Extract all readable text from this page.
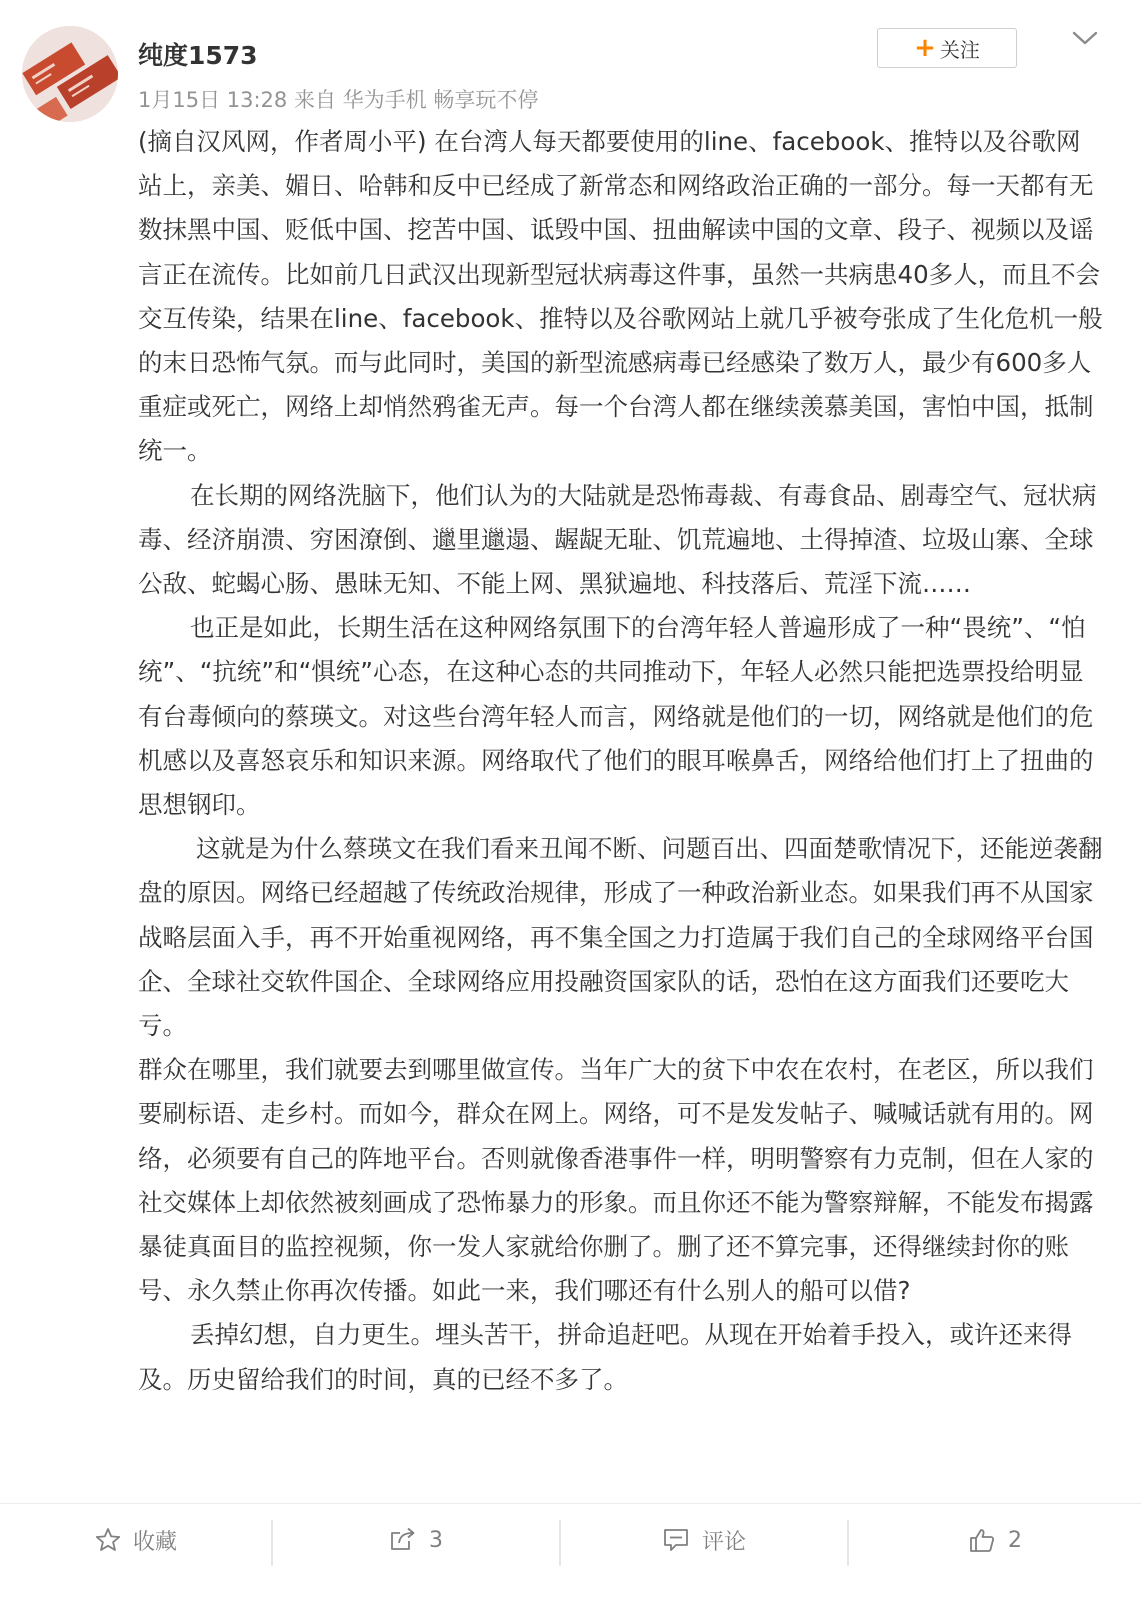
纯度1573
1月15日 13:28 来自 华为手机 畅享玩不停
+ 关注

(摘自汉风网，作者周小平) 在台湾人每天都要使用的line、facebook、推特以及谷歌网站上，亲美、媚日、哈韩和反中已经成了新常态和网络政治正确的一部分。每一天都有无数抹黑中国、贬低中国、挖苦中国、诋毁中国、扭曲解读中国的文章、段子、视频以及谣言正在流传。比如前几日武汉出现新型冠状病毒这件事，虽然一共病患40多人，而且不会交互传染，结果在line、facebook、推特以及谷歌网站上就几乎被夸张成了生化危机一般的末日恐怖气氛。而与此同时，美国的新型流感病毒已经感染了数万人，最少有600多人重症或死亡，网络上却悄然鸦雀无声。每一个台湾人都在继续羡慕美国，害怕中国，抵制统一。

在长期的网络洗脑下，他们认为的大陆就是恐怖毒裁、有毒食品、剧毒空气、冠状病毒、经济崩溃、穷困潦倒、邋里邋遢、龌龊无耻、饥荒遍地、土得掉渣、垃圾山寨、全球公敌、蛇蝎心肠、愚昧无知、不能上网、黑狱遍地、科技落后、荒淫下流……

也正是如此，长期生活在这种网络氛围下的台湾年轻人普遍形成了一种“畏统”、“怕统”、“抗统”和“惧统”心态，在这种心态的共同推动下，年轻人必然只能把选票投给明显有台毒倾向的蔡瑛文。对这些台湾年轻人而言，网络就是他们的一切，网络就是他们的危机感以及喜怒哀乐和知识来源。网络取代了他们的眼耳喉鼻舌，网络给他们打上了扭曲的思想钢印。

这就是为什么蔡瑛文在我们看来丑闻不断、问题百出、四面楚歌情况下，还能逆袭翻盘的原因。网络已经超越了传统政治规律，形成了一种政治新业态。如果我们再不从国家战略层面入手，再不开始重视网络，再不集全国之力打造属于我们自己的全球网络平台国企、全球社交软件国企、全球网络应用投融资国家队的话，恐怕在这方面我们还要吃大亏。

群众在哪里，我们就要去到哪里做宣传。当年广大的贫下中农在农村，在老区，所以我们要刷标语、走乡村。而如今，群众在网上。网络，可不是发发帖子、喊喊话就有用的。网络，必须要有自己的阵地平台。否则就像香港事件一样，明明警察有力克制，但在人家的社交媒体上却依然被刻画成了恐怖暴力的形象。而且你还不能为警察辩解，不能发布揭露暴徒真面目的监控视频，你一发人家就给你删了。删了还不算完事，还得继续封你的账号、永久禁止你再次传播。如此一来，我们哪还有什么别人的船可以借?

丢掉幻想，自力更生。埋头苦干，拼命追赶吧。从现在开始着手投入，或许还来得及。历史留给我们的时间，真的已经不多了。

收藏	3	评论	2
